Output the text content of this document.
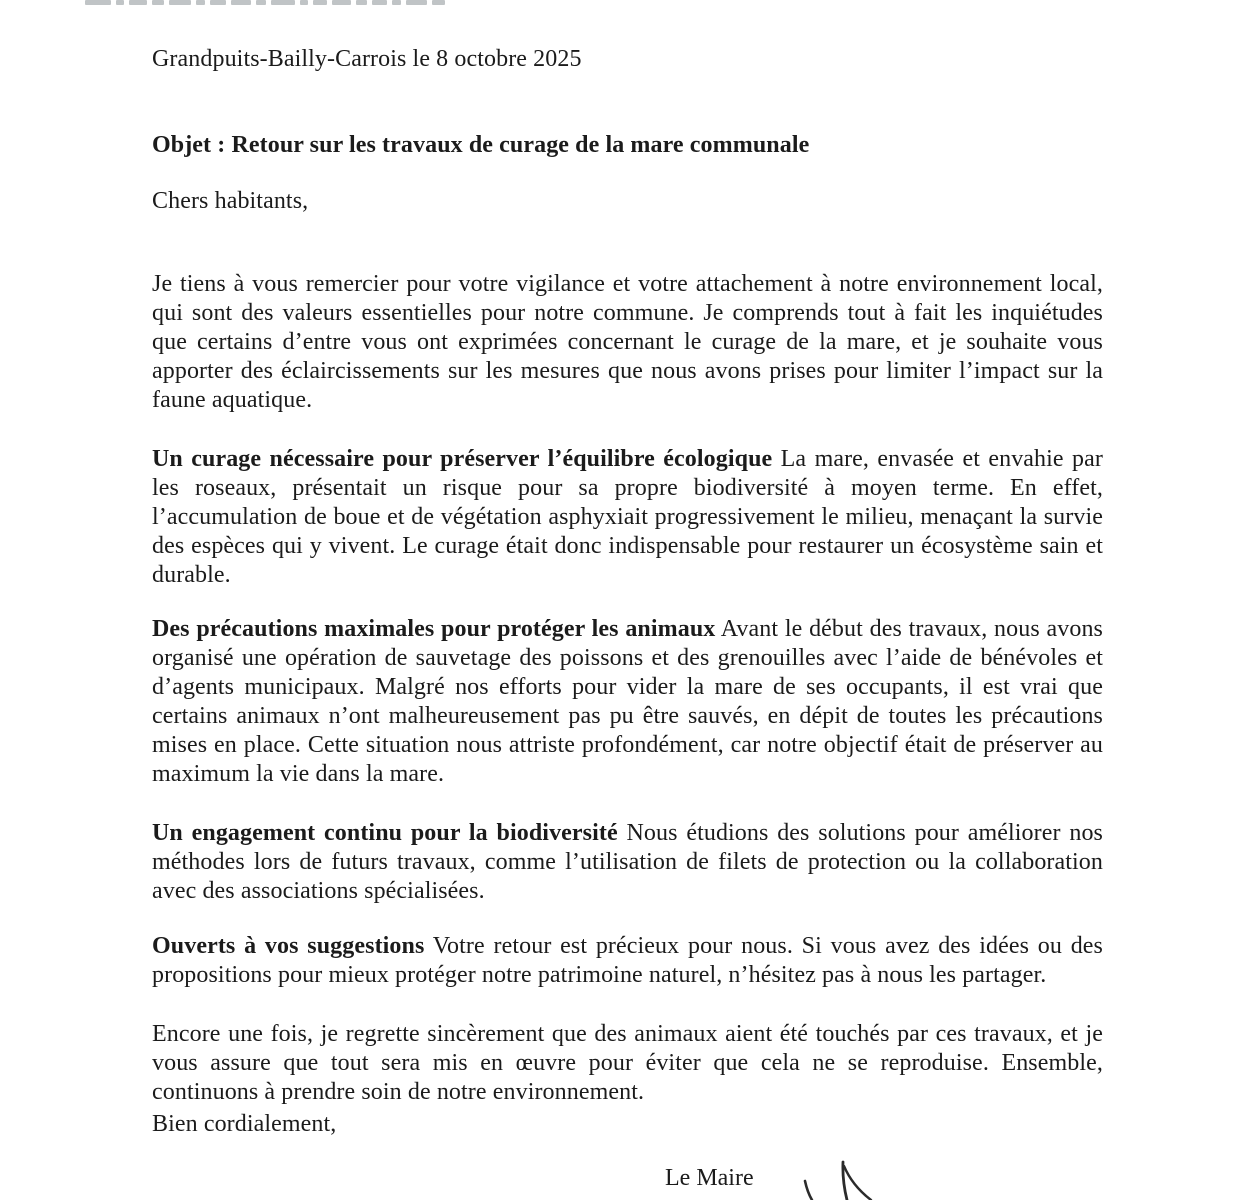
Grandpuits-Bailly-Carrois le 8 octobre 2025
Objet : Retour sur les travaux de curage de la mare communale
Chers habitants,

Je tiens à vous remercier pour votre vigilance et votre attachement à notre environnement local, qui sont des valeurs essentielles pour notre commune. Je comprends tout à fait les inquiétudes que certains d’entre vous ont exprimées concernant le curage de la mare, et je souhaite vous apporter des éclaircissements sur les mesures que nous avons prises pour limiter l’impact sur la faune aquatique.

Un curage nécessaire pour préserver l’équilibre écologique La mare, envasée et envahie par les roseaux, présentait un risque pour sa propre biodiversité à moyen terme. En effet, l’accumulation de boue et de végétation asphyxiait progressivement le milieu, menaçant la survie des espèces qui y vivent. Le curage était donc indispensable pour restaurer un écosystème sain et durable.

Des précautions maximales pour protéger les animaux Avant le début des travaux, nous avons organisé une opération de sauvetage des poissons et des grenouilles avec l’aide de bénévoles et d’agents municipaux. Malgré nos efforts pour vider la mare de ses occupants, il est vrai que certains animaux n’ont malheureusement pas pu être sauvés, en dépit de toutes les précautions mises en place. Cette situation nous attriste profondément, car notre objectif était de préserver au maximum la vie dans la mare.

Un engagement continu pour la biodiversité Nous étudions des solutions pour améliorer nos méthodes lors de futurs travaux, comme l’utilisation de filets de protection ou la collaboration avec des associations spécialisées.

Ouverts à vos suggestions Votre retour est précieux pour nous. Si vous avez des idées ou des propositions pour mieux protéger notre patrimoine naturel, n’hésitez pas à nous les partager.

Encore une fois, je regrette sincèrement que des animaux aient été touchés par ces travaux, et je vous assure que tout sera mis en œuvre pour éviter que cela ne se reproduise. Ensemble, continuons à prendre soin de notre environnement.

Bien cordialement,
Le Maire
